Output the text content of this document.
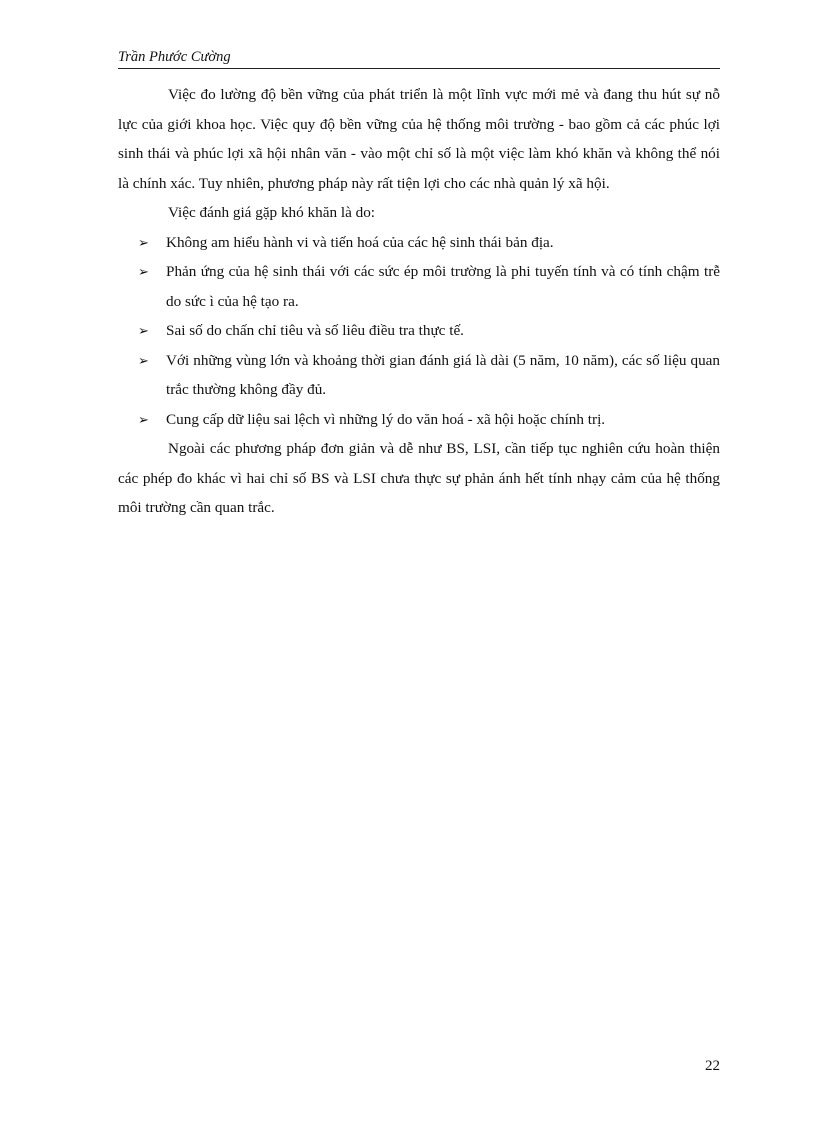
Trần Phước Cường

Việc đo lường độ bền vững của phát triển là một lĩnh vực mới mẻ và đang thu hút sự nỗ lực của giới khoa học. Việc quy độ bền vững của hệ thống môi trường - bao gồm cả các phúc lợi sinh thái và phúc lợi xã hội nhân văn - vào một chỉ số là một việc làm khó khăn và không thể nói là chính xác. Tuy nhiên, phương pháp này rất tiện lợi cho các nhà quản lý xã hội.

Việc đánh giá gặp khó khăn là do:

➢ Không am hiểu hành vi và tiến hoá của các hệ sinh thái bản địa.
➢ Phản ứng của hệ sinh thái với các sức ép môi trường là phi tuyến tính và có tính chậm trễ do sức ì của hệ tạo ra.
➢ Sai số do chấn chỉ tiêu và số liêu điều tra thực tế.
➢ Với những vùng lớn và khoảng thời gian đánh giá là dài (5 năm, 10 năm), các số liệu quan trắc thường không đầy đủ.
➢ Cung cấp dữ liệu sai lệch vì những lý do văn hoá - xã hội hoặc chính trị.

Ngoài các phương pháp đơn giản và dễ như BS, LSI, cần tiếp tục nghiên cứu hoàn thiện các phép đo khác vì hai chỉ số BS và LSI chưa thực sự phản ánh hết tính nhạy cảm của hệ thống môi trường cần quan trắc.

22
